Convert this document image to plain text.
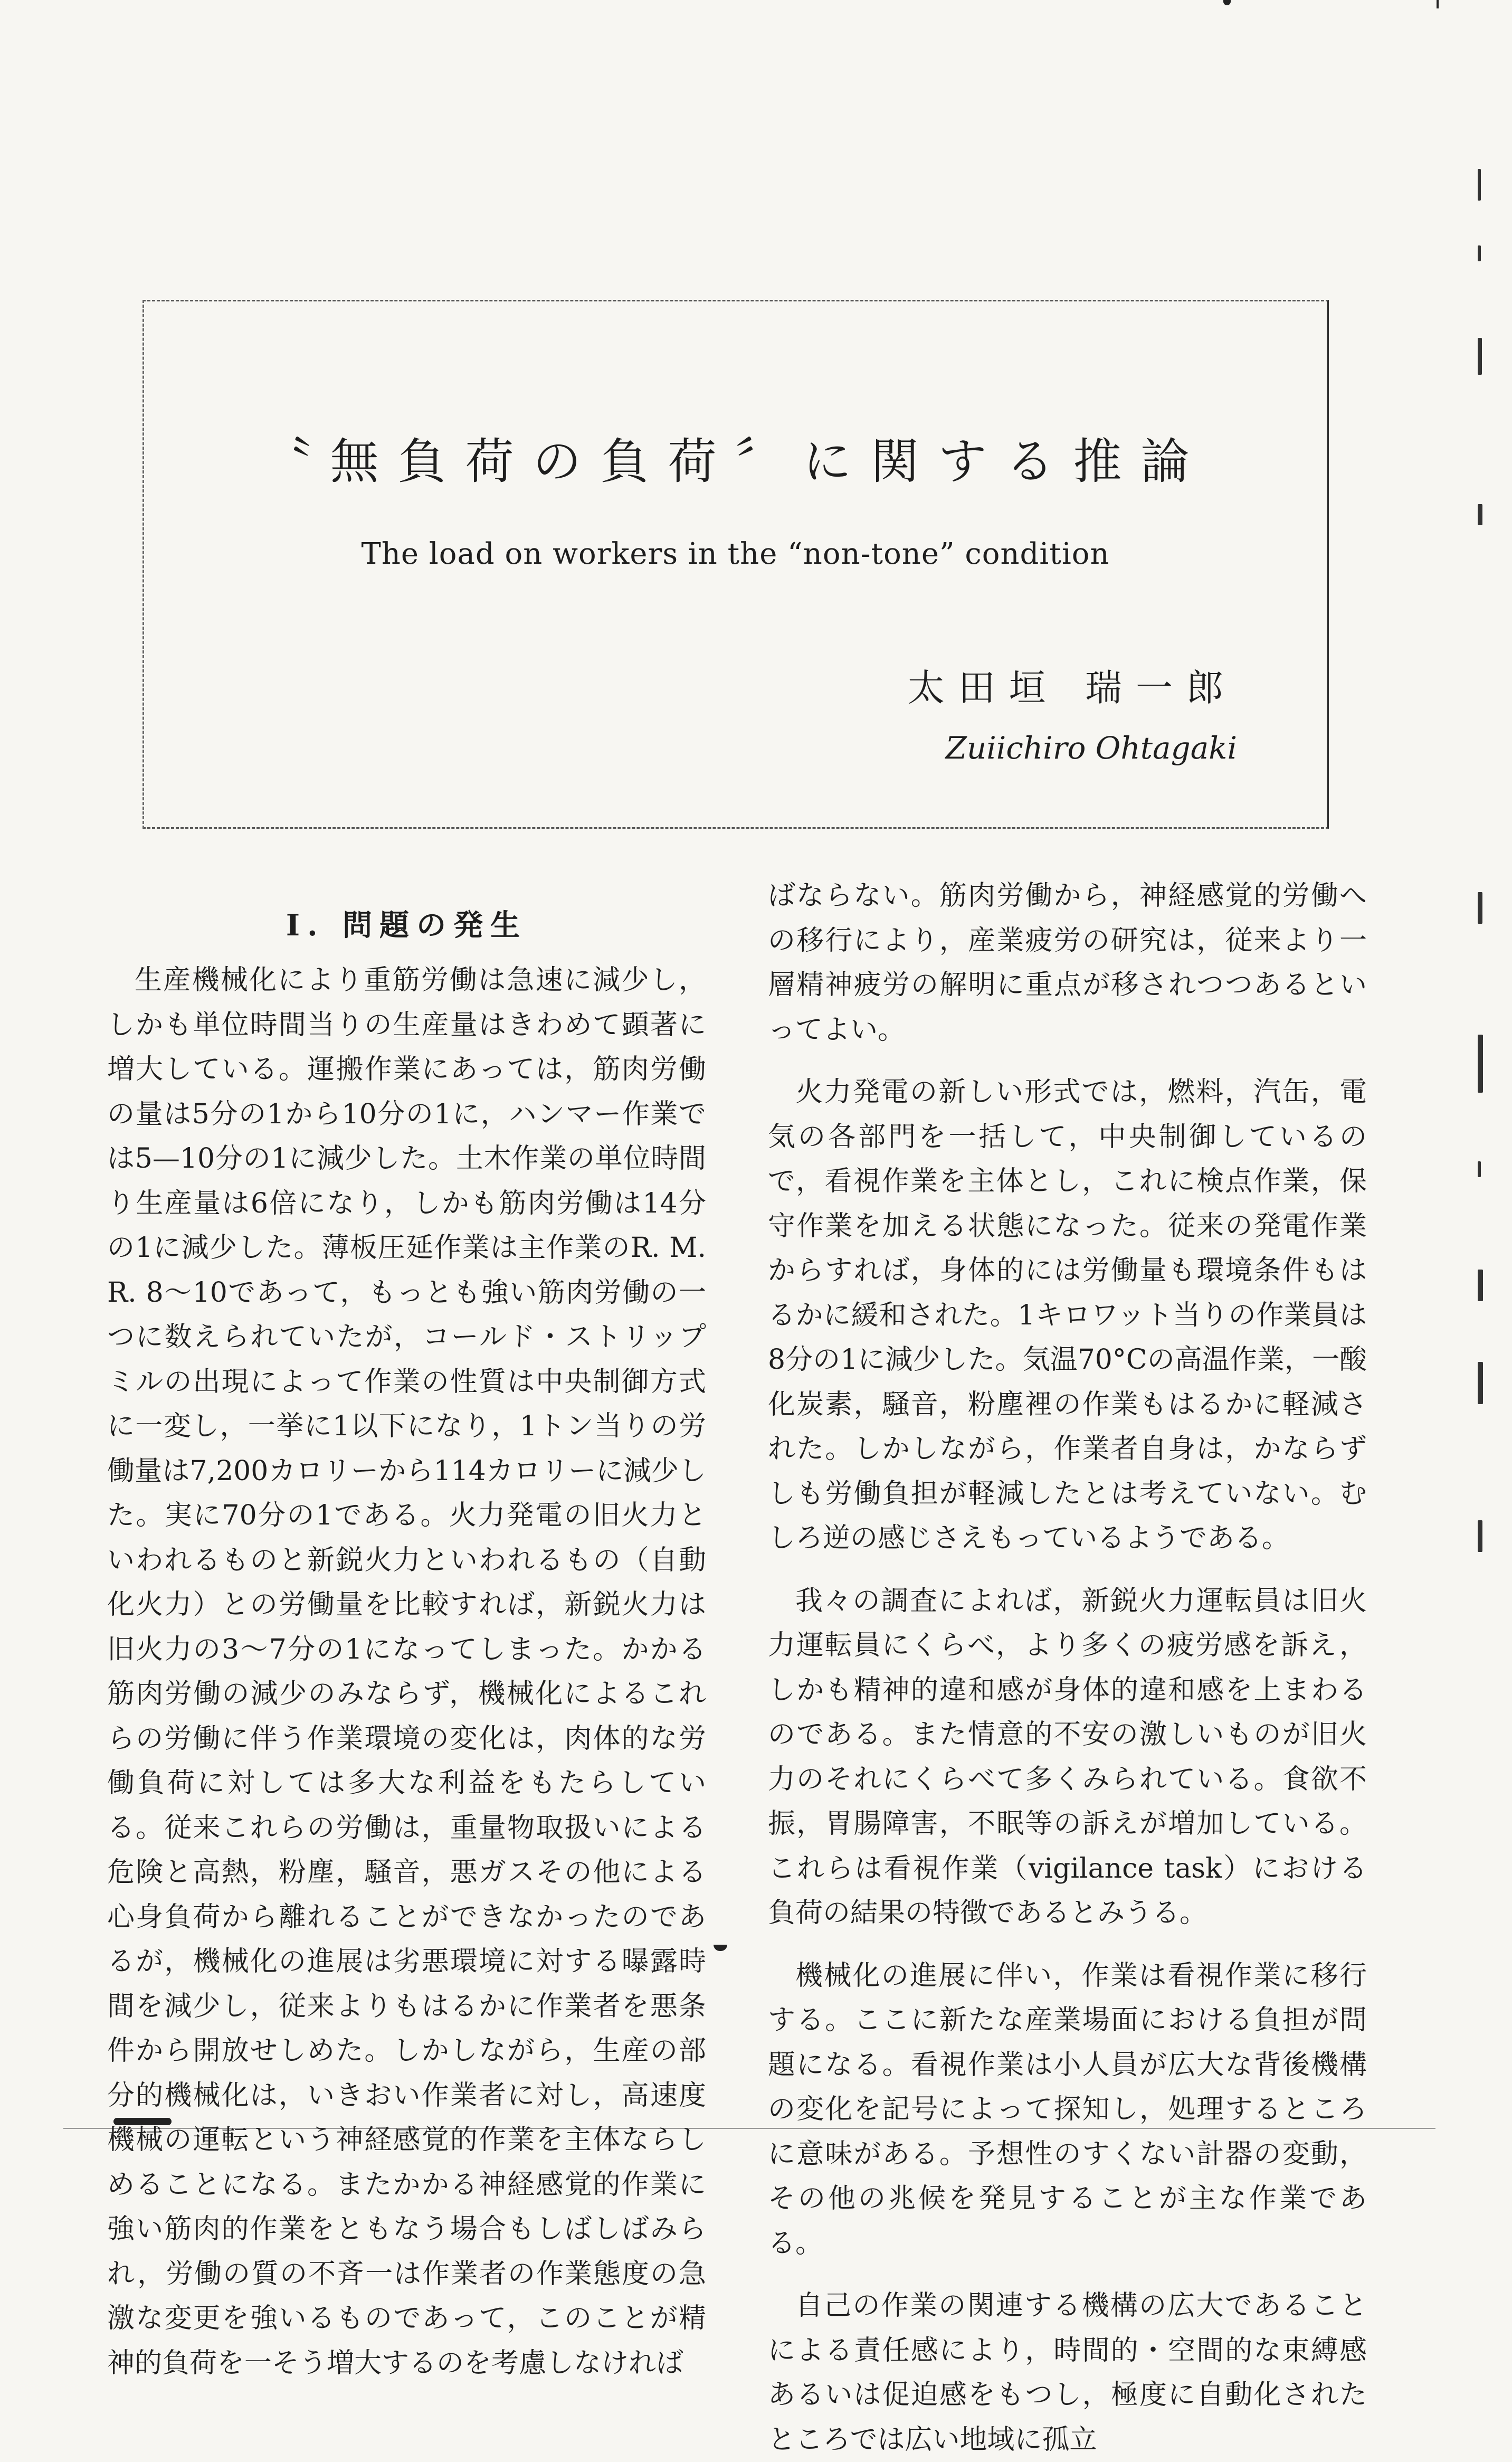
〝無負荷の負荷〞に関する推論
The load on workers in the “non-tone” condition
太田垣 瑞一郎
Zuiichiro Ohtagaki
I. 問題の発生

生産機械化により重筋労働は急速に減少し，しかも単位時間当りの生産量はきわめて顕著に増大している。運搬作業にあっては，筋肉労働の量は5分の1から10分の1に，ハンマー作業では5—10分の1に減少した。土木作業の単位時間り生産量は6倍になり，しかも筋肉労働は14分の1に減少した。薄板圧延作業は主作業のR. M. R. 8～10であって，もっとも強い筋肉労働の一つに数えられていたが，コールド・ストリップミルの出現によって作業の性質は中央制御方式に一変し，一挙に1以下になり，1トン当りの労働量は7,200カロリーから114カロリーに減少した。実に70分の1である。火力発電の旧火力といわれるものと新鋭火力といわれるもの（自動化火力）との労働量を比較すれば，新鋭火力は旧火力の3～7分の1になってしまった。かかる筋肉労働の減少のみならず，機械化によるこれらの労働に伴う作業環境の変化は，肉体的な労働負荷に対しては多大な利益をもたらしている。従来これらの労働は，重量物取扱いによる危険と高熱，粉塵，騒音，悪ガスその他による心身負荷から離れることができなかったのであるが，機械化の進展は劣悪環境に対する曝露時間を減少し，従来よりもはるかに作業者を悪条件から開放せしめた。しかしながら，生産の部分的機械化は，いきおい作業者に対し，高速度機械の運転という神経感覚的作業を主体ならしめることになる。またかかる神経感覚的作業に強い筋肉的作業をともなう場合もしばしばみられ，労働の質の不斉一は作業者の作業態度の急激な変更を強いるものであって，このことが精神的負荷を一そう増大するのを考慮しなければ

ばならない。筋肉労働から，神経感覚的労働への移行により，産業疲労の研究は，従来より一層精神疲労の解明に重点が移されつつあるといってよい。

火力発電の新しい形式では，燃料，汽缶，電気の各部門を一括して，中央制御しているので，看視作業を主体とし，これに検点作業，保守作業を加える状態になった。従来の発電作業からすれば，身体的には労働量も環境条件もはるかに緩和された。1キロワット当りの作業員は8分の1に減少した。気温70°Cの高温作業，一酸化炭素，騒音，粉塵裡の作業もはるかに軽減された。しかしながら，作業者自身は，かならずしも労働負担が軽減したとは考えていない。むしろ逆の感じさえもっているようである。

我々の調査によれば，新鋭火力運転員は旧火力運転員にくらべ，より多くの疲労感を訴え，しかも精神的違和感が身体的違和感を上まわるのである。また情意的不安の激しいものが旧火力のそれにくらべて多くみられている。食欲不振，胃腸障害，不眠等の訴えが増加している。これらは看視作業（vigilance task）における負荷の結果の特徴であるとみうる。

機械化の進展に伴い，作業は看視作業に移行する。ここに新たな産業場面における負担が問題になる。看視作業は小人員が広大な背後機構の変化を記号によって探知し，処理するところに意味がある。予想性のすくない計器の変動，その他の兆候を発見することが主な作業である。

自己の作業の関連する機構の広大であることによる責任感により，時間的・空間的な束縛感あるいは促迫感をもつし，極度に自動化されたところでは広い地域に孤立
